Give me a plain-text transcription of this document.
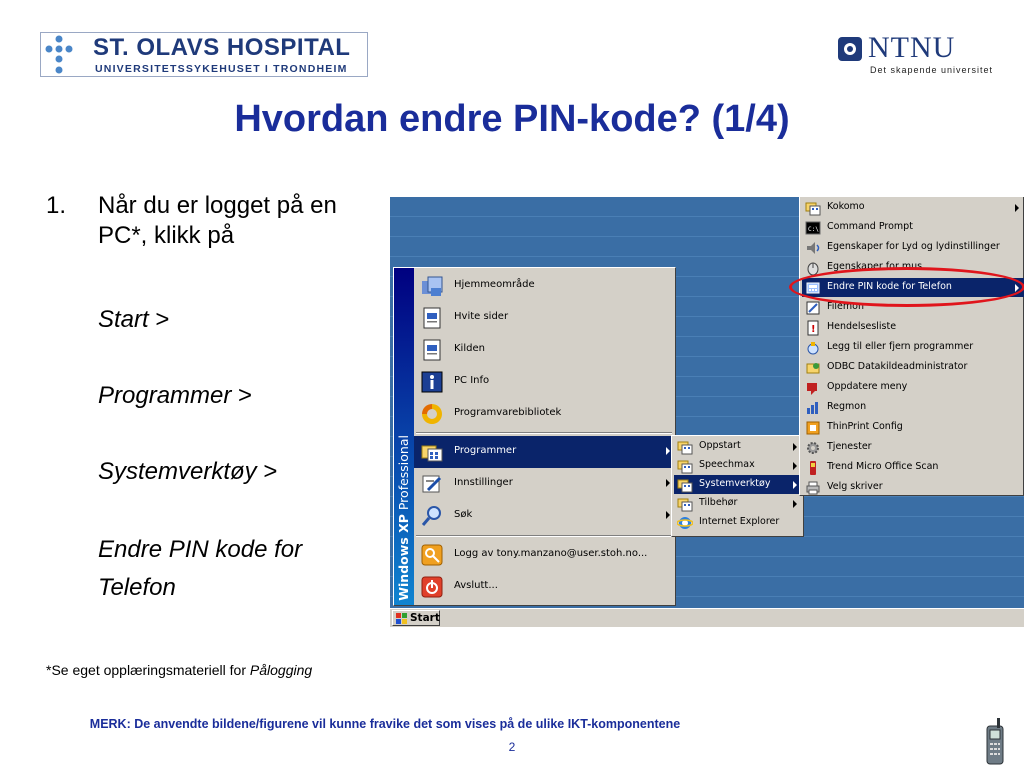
ST. OLAVS HOSPITAL
UNIVERSITETSSYKEHUSET I TRONDHEIM
NTNU
Det skapende universitet
Hvordan endre PIN-kode? (1/4)
1. Når du er logget på en PC*, klikk på
Start >
Programmer >
Systemverktøy >
Endre PIN kode for Telefon	Windows XP Professional
Hjemmeområde
Hvite sider
Kilden
PC Info
Programvarebibliotek
Programmer
Innstillinger
Søk
Logg av tony.manzano@user.stoh.no...
Avslutt...
Oppstart
Speechmax
Systemverktøy
Tilbehør
Internet Explorer
Kokomo
C:\ Command Prompt
Egenskaper for Lyd og lydinstillinger
Egenskaper for mus
Endre PIN kode for Telefon
Filemon
! Hendelsesliste
Legg til eller fjern programmer
ODBC Datakildeadministrator
Oppdatere meny
Regmon
ThinPrint Config
Tjenester
Trend Micro Office Scan
Velg skriver
Start
*Se eget opplæringsmateriell for Pålogging
MERK: De anvendte bildene/figurene vil kunne fravike det som vises på de ulike IKT-komponentene
2
